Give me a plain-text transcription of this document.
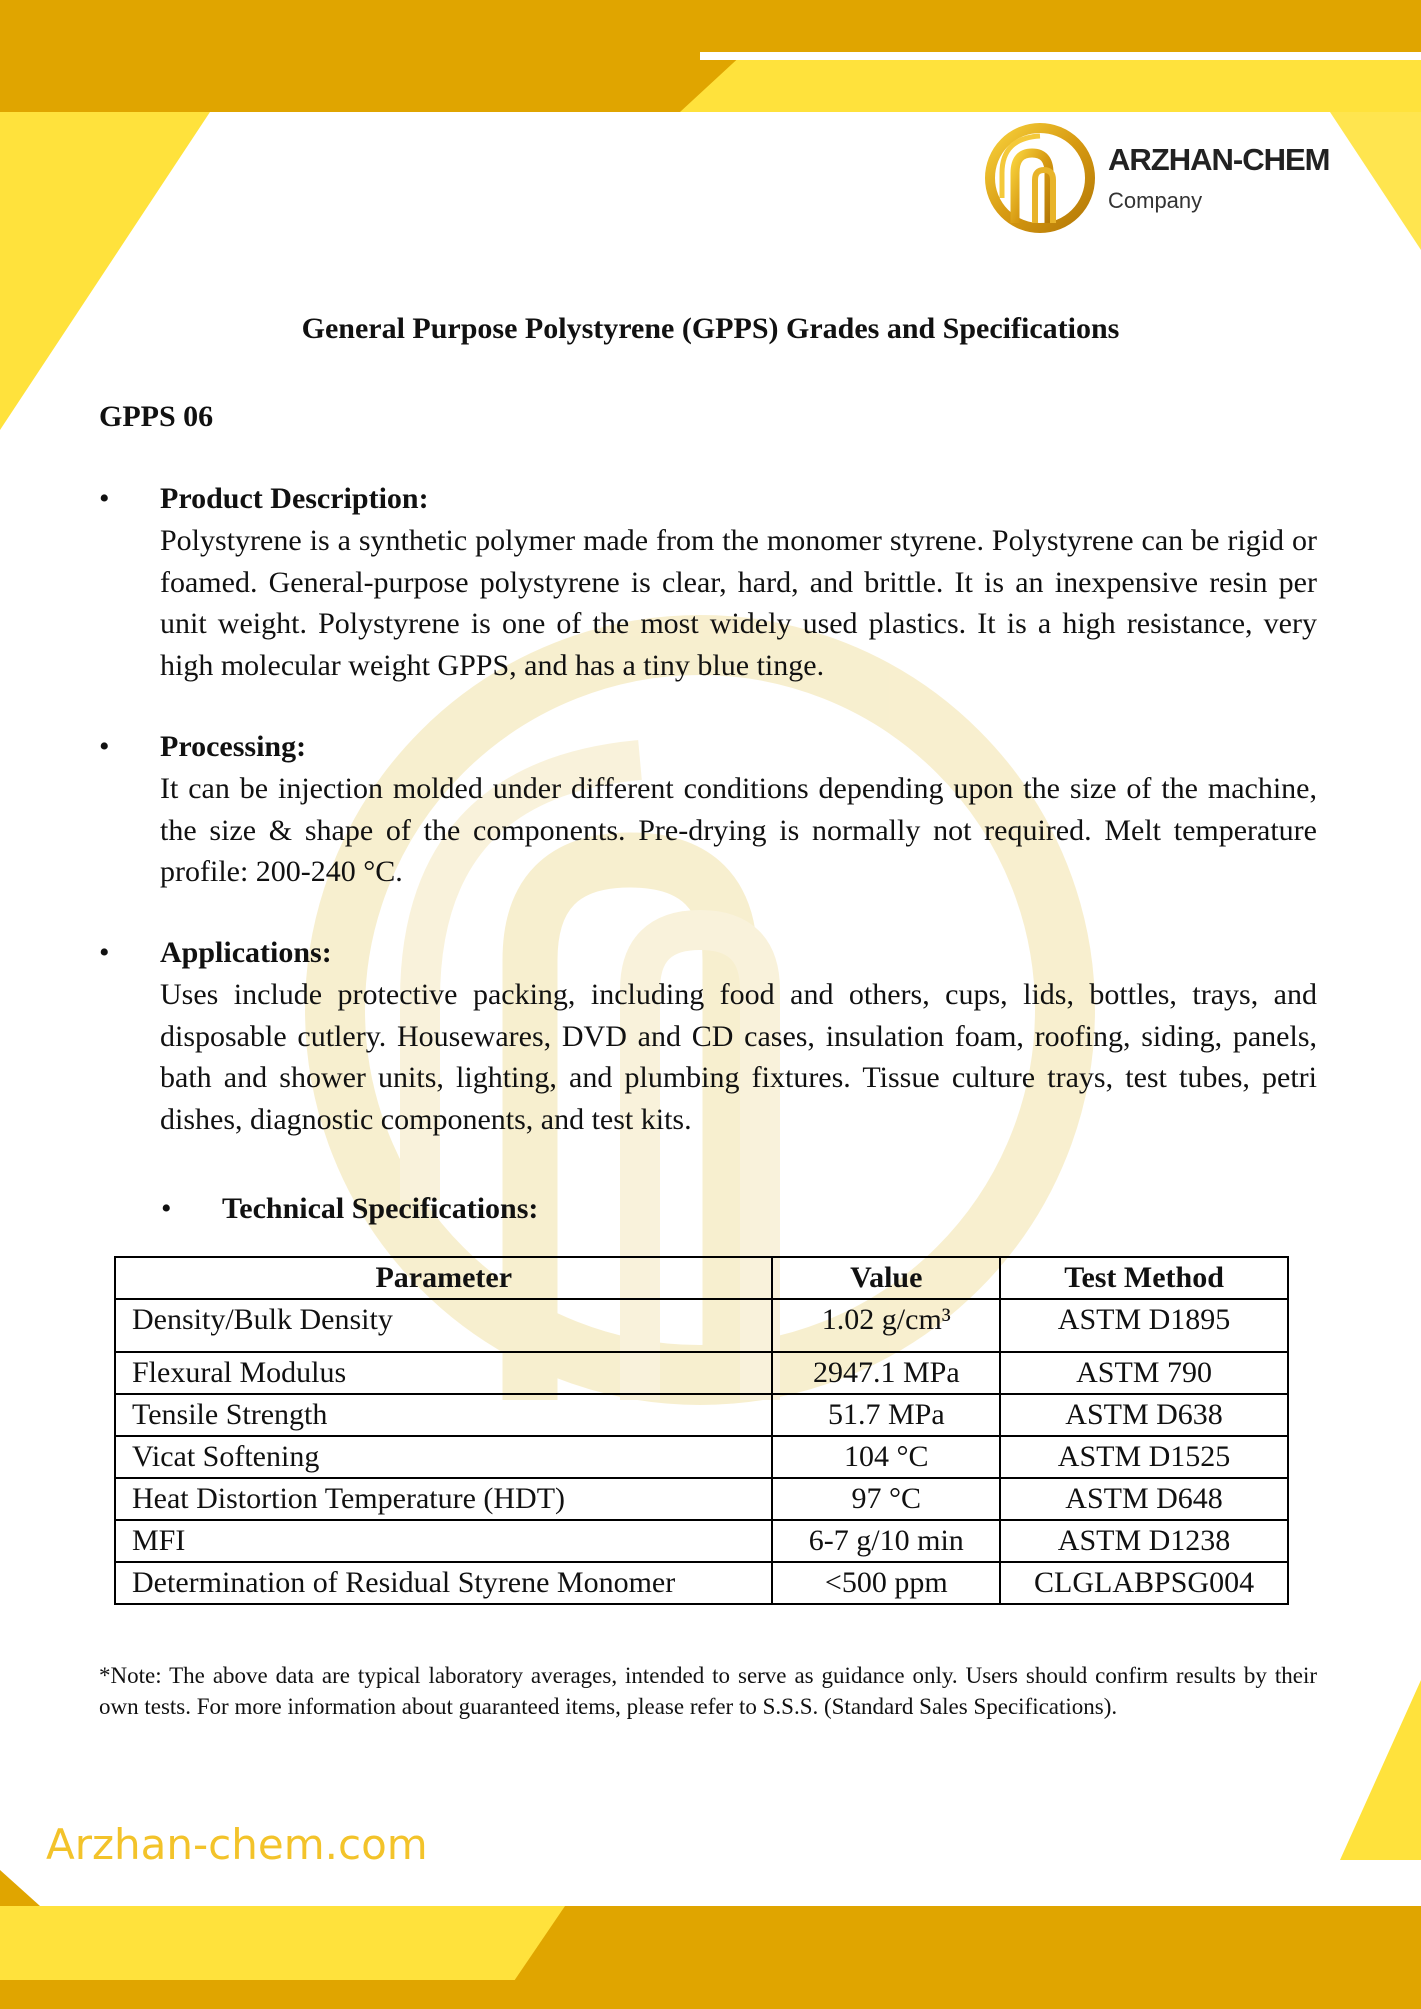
ARZHAN-CHEM
Company
General Purpose Polystyrene (GPPS) Grades and Specifications
GPPS 06
• Product Description:
Polystyrene is a synthetic polymer made from the monomer styrene. Polystyrene can be rigid or foamed. General-purpose polystyrene is clear, hard, and brittle. It is an inexpensive resin per unit weight. Polystyrene is one of the most widely used plastics. It is a high resistance, very high molecular weight GPPS, and has a tiny blue tinge.
• Processing:
It can be injection molded under different conditions depending upon the size of the machine, the size & shape of the components. Pre-drying is normally not required. Melt temperature profile: 200-240 °C.
• Applications:
Uses include protective packing, including food and others, cups, lids, bottles, trays, and disposable cutlery. Housewares, DVD and CD cases, insulation foam, roofing, siding, panels, bath and shower units, lighting, and plumbing fixtures. Tissue culture trays, test tubes, petri dishes, diagnostic components, and test kits.
• Technical Specifications:
Parameter	Value	Test Method
Density/Bulk Density	1.02 g/cm³	ASTM D1895
Flexural Modulus	2947.1 MPa	ASTM 790
Tensile Strength	51.7 MPa	ASTM D638
Vicat Softening	104 °C	ASTM D1525
Heat Distortion Temperature (HDT)	97 °C	ASTM D648
MFI	6-7 g/10 min	ASTM D1238
Determination of Residual Styrene Monomer	<500 ppm	CLGLABPSG004
*Note: The above data are typical laboratory averages, intended to serve as guidance only. Users should confirm results by their own tests. For more information about guaranteed items, please refer to S.S.S. (Standard Sales Specifications).
Arzhan-chem.com
